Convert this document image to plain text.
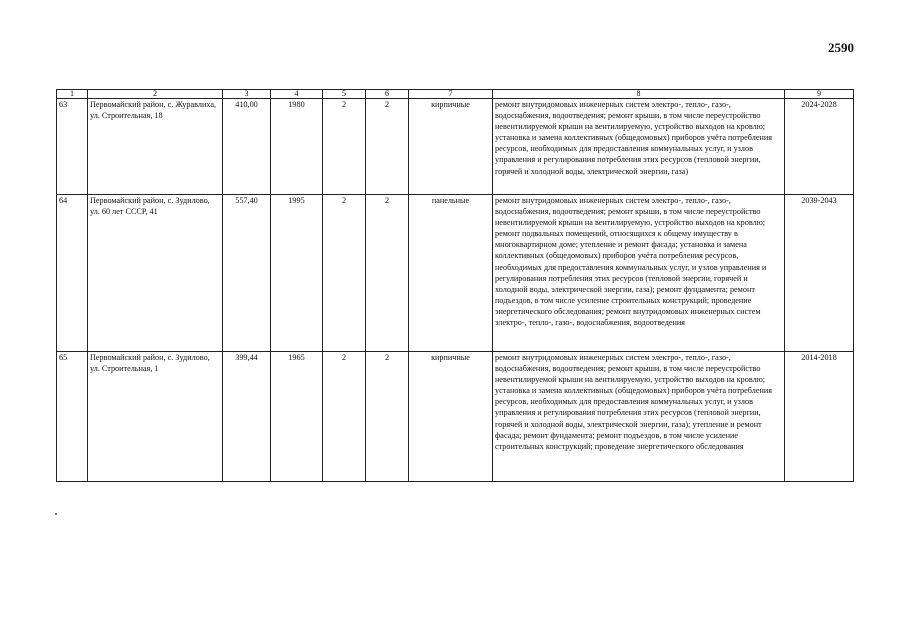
2590
1	2	3	4	5	6	7	8	9
63	Первомайский район, с. Журавлиха, ул. Строительная, 18	410,00	1980	2	2	кирпичные	ремонт внутридомовых инженерных систем электро-, тепло-, газо-, водоснабжения, водоотведения; ремонт крыши, в том числе переустройство невентилируемой крыши на вентилируемую, устройство выходов на кровлю; установка и замена коллективных (общедомовых) приборов учёта потребления ресурсов, необходимых для предоставления коммунальных услуг, и узлов управления и регулирования потребления этих ресурсов (тепловой энергии, горячей и холодной воды, электрической энергии, газа)	2024-2028
64	Первомайский район, с. Зудилово, ул. 60 лет СССР, 41	557,40	1995	2	2	панельные	ремонт внутридомовых инженерных систем электро-, тепло-, газо-, водоснабжения, водоотведения; ремонт крыши, в том числе переустройство невентилируемой крыши на вентилируемую, устройство выходов на кровлю; ремонт подвальных помещений, относящихся к общему имуществу в многоквартирном доме; утепление и ремонт фасада; установка и замена коллективных (общедомовых) приборов учёта потребления ресурсов, необходимых для предоставления коммунальных услуг, и узлов управления и регулирования потребления этих ресурсов (тепловой энергии, горячей и холодной воды, электрической энергии, газа); ремонт фундамента; ремонт подъездов, в том числе усиление строительных конструкций; проведение энергетического обследования; ремонт внутридомовых инженерных систем электро-, тепло-, газо-, водоснабжения, водоотведения	2039-2043
65	Первомайский район, с. Зудилово, ул. Строительная, 1	399,44	1965	2	2	кирпичные	ремонт внутридомовых инженерных систем электро-, тепло-, газо-, водоснабжения, водоотведения; ремонт крыши, в том числе переустройство невентилируемой крыши на вентилируемую, устройство выходов на кровлю; установка и замена коллективных (общедомовых) приборов учёта потребления ресурсов, необходимых для предоставления коммунальных услуг, и узлов управления и регулирования потребления этих ресурсов (тепловой энергии, горячей и холодной воды, электрической энергии, газа); утепление и ремонт фасада; ремонт фундамента; ремонт подъездов, в том числе усиление строительных конструкций; проведение энергетического обследования	2014-2018
